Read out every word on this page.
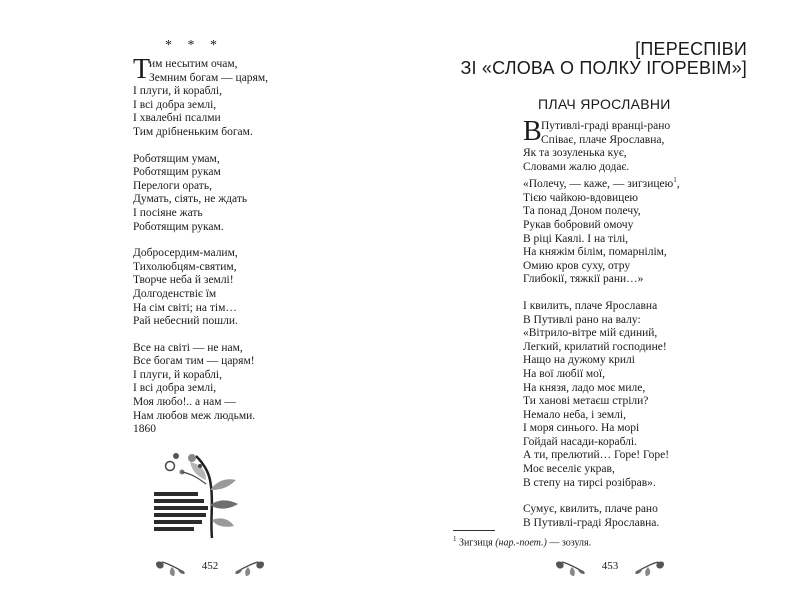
* * *
Т
им несытим очам,
Земним богам — царям,
І плуги, й кораблі,
І всі добра землі,
І хвалебні псалми
Тим дрібненьким богам.
Роботящим умам,
Роботящим рукам
Перелоги орать,
Думать, сіять, не ждать
І посіяне жать
Роботящим рукам.
Добросердим-малим,
Тихолюбцям-святим,
Творче неба й землі!
Долгоденствіє їм
На сім світі; на тім…
Рай небесний пошли.
Все на світі — не нам,
Все богам тим — царям!
І плуги, й кораблі,
І всі добра землі,
Моя любо!.. а нам —
Нам любов меж людьми.
1860
452
[ПЕРЕСПІВИ
ЗІ «СЛОВА О ПОЛКУ ІГОРЕВІМ»]
ПЛАЧ ЯРОСЛАВНИ
В Путивлі-граді вранці-рано
Співає, плаче Ярославна,
Як та зозуленька кує,
Словами жалю додає.
«Полечу, — каже, — зигзицею$^1$,
Тією чайкою-вдовицею
Та понад Доном полечу,
Рукав бобровий омочу
В ріці Каялі. І на тілі,
На княжім білім, помарнілім,
Омию кров суху, отру
Глибокії, тяжкії рани…»
І квилить, плаче Ярославна
В Путивлі рано на валу:
«Вітрило-вітре мій єдиний,
Легкий, крилатий господине!
Нащо на дужому крилі
На вої любії мої,
На князя, ладо моє миле,
Ти ханові метаєш стріли?
Немало неба, і землі,
І моря синього. На морі
Гойдай насади-кораблі.
А ти, прелютий… Горе! Горе!
Моє веселіє украв,
В степу на тирсі розібрав».
Сумує, квилить, плаче рано
В Путивлі-граді Ярославна.
$^1$ Зигзиця (нар.-поет.) — зозуля.
453
